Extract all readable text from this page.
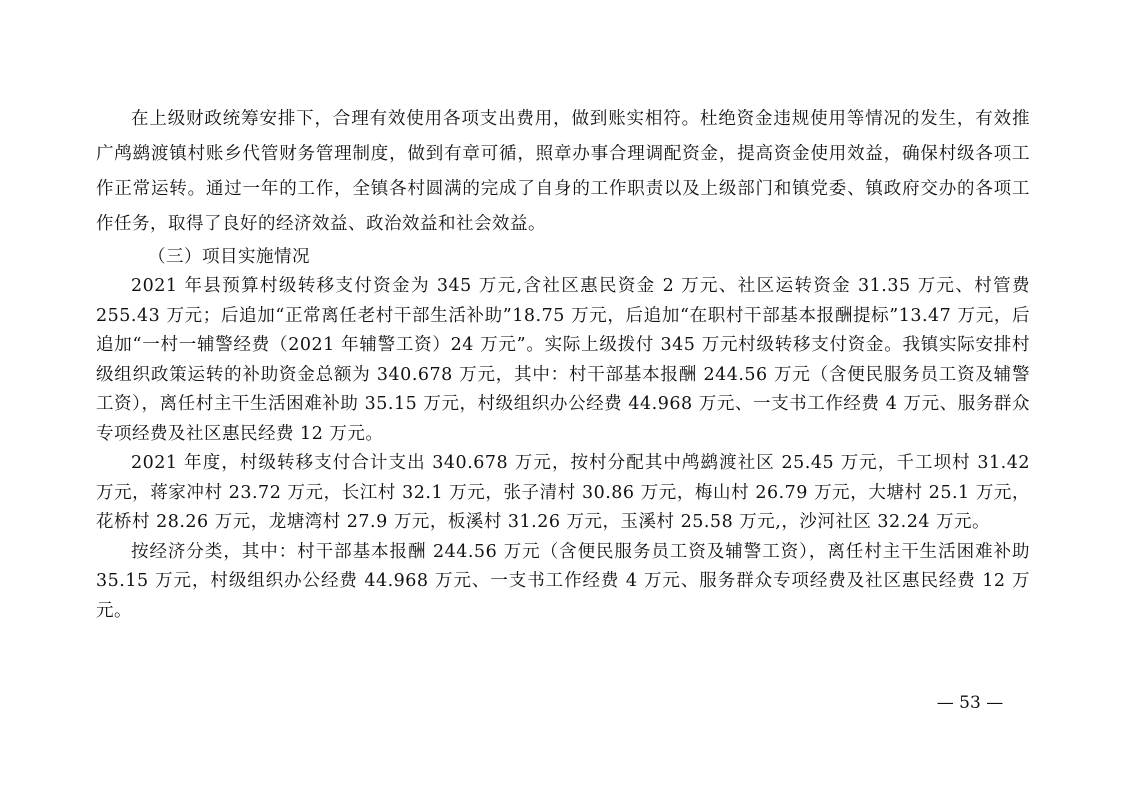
在上级财政统筹安排下，合理有效使用各项支出费用，做到账实相符。杜绝资金违规使用等情况的发生，有效推广鸬鹚渡镇村账乡代管财务管理制度，做到有章可循，照章办事合理调配资金，提高资金使用效益，确保村级各项工作正常运转。通过一年的工作，全镇各村圆满的完成了自身的工作职责以及上级部门和镇党委、镇政府交办的各项工作任务，取得了良好的经济效益、政治效益和社会效益。

（三）项目实施情况

2021 年县预算村级转移支付资金为 345 万元,含社区惠民资金 2 万元、社区运转资金 31.35 万元、村管费 255.43 万元；后追加“正常离任老村干部生活补助”18.75 万元，后追加“在职村干部基本报酬提标”13.47 万元，后追加“一村一辅警经费（2021 年辅警工资）24 万元”。实际上级拨付 345 万元村级转移支付资金。我镇实际安排村级组织政策运转的补助资金总额为 340.678 万元，其中：村干部基本报酬 244.56 万元（含便民服务员工资及辅警工资），离任村主干生活困难补助 35.15 万元，村级组织办公经费 44.968 万元、一支书工作经费 4 万元、服务群众专项经费及社区惠民经费 12 万元。

2021 年度，村级转移支付合计支出 340.678 万元，按村分配其中鸬鹚渡社区 25.45 万元，千工坝村 31.42 万元，蒋家冲村 23.72 万元，长江村 32.1 万元，张子清村 30.86 万元，梅山村 26.79 万元，大塘村 25.1 万元，花桥村 28.26 万元，龙塘湾村 27.9 万元，板溪村 31.26 万元，玉溪村 25.58 万元,，沙河社区 32.24 万元。

按经济分类，其中：村干部基本报酬 244.56 万元（含便民服务员工资及辅警工资），离任村主干生活困难补助 35.15 万元，村级组织办公经费 44.968 万元、一支书工作经费 4 万元、服务群众专项经费及社区惠民经费 12 万元。

— 53 —
